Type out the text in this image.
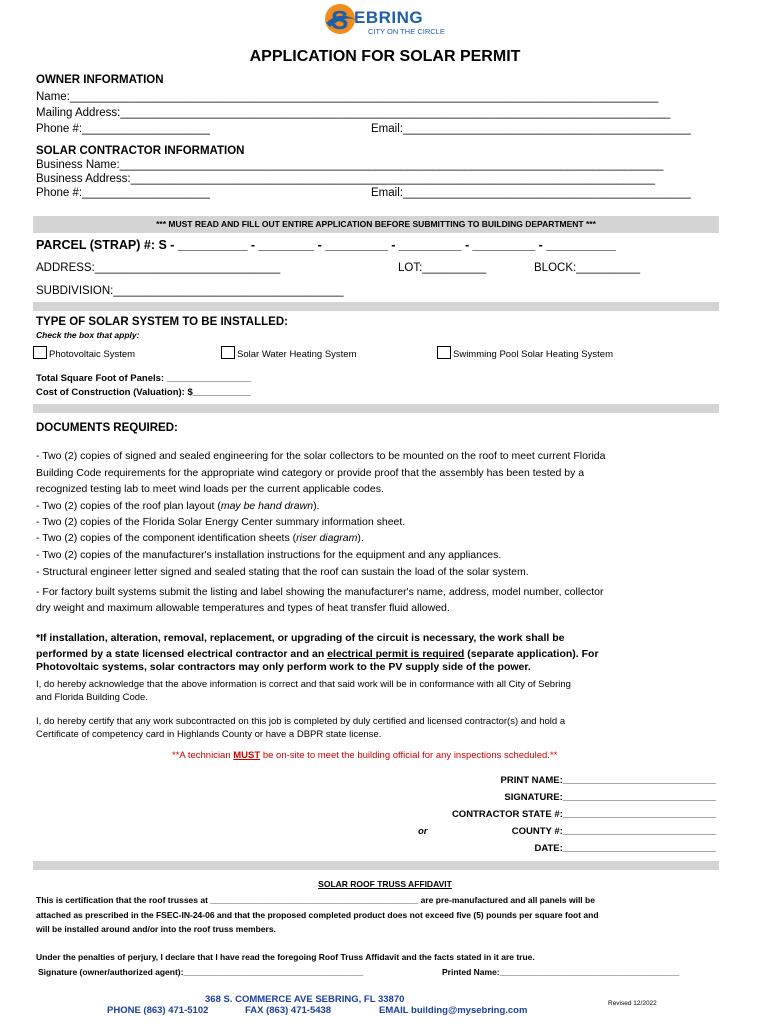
S EBRING
CITY ON THE CIRCLE
APPLICATION FOR SOLAR PERMIT
OWNER INFORMATION
Name:____________________________________________________________________________________________
Mailing Address:______________________________________________________________________________________
Phone #:____________________	Email:_____________________________________________
SOLAR CONTRACTOR INFORMATION
Business Name:_____________________________________________________________________________________
Business Address:__________________________________________________________________________________
Phone #:____________________	Email:_____________________________________________
*** MUST READ AND FILL OUT ENTIRE APPLICATION BEFORE SUBMITTING TO BUILDING DEPARTMENT ***
PARCEL (STRAP) #: S - __________ - ________ - _________ - _________ - _________ - __________
ADDRESS:_____________________________	LOT:__________	BLOCK:__________
SUBDIVISION:____________________________________
TYPE OF SOLAR SYSTEM TO BE INSTALLED:
Check the box that apply:
Photovoltaic System	Solar Water Heating System	Swimming Pool Solar Heating System
Total Square Foot of Panels: ________________
Cost of Construction (Valuation): $___________
DOCUMENTS REQUIRED:
- Two (2) copies of signed and sealed engineering for the solar collectors to be mounted on the roof to meet current Florida
Building Code requirements for the appropriate wind category or provide proof that the assembly has been tested by a
recognized testing lab to meet wind loads per the current applicable codes.
- Two (2) copies of the roof plan layout (may be hand drawn).
- Two (2) copies of the Florida Solar Energy Center summary information sheet.
- Two (2) copies of the component identification sheets (riser diagram).
- Two (2) copies of the manufacturer's installation instructions for the equipment and any appliances.
- Structural engineer letter signed and sealed stating that the roof can sustain the load of the solar system.
- For factory built systems submit the listing and label showing the manufacturer's name, address, model number, collector
dry weight and maximum allowable temperatures and types of heat transfer fluid allowed.
*If installation, alteration, removal, replacement, or upgrading of the circuit is necessary, the work shall be
performed by a state licensed electrical contractor and an electrical permit is required (separate application). For
Photovoltaic systems, solar contractors may only perform work to the PV supply side of the power.
I, do hereby acknowledge that the above information is correct and that said work will be in conformance with all City of Sebring
and Florida Building Code.
I, do hereby certify that any work subcontracted on this job is completed by duly certified and licensed contractor(s) and hold a
Certificate of competency card in Highlands County or have a DBPR state license.
**A technician MUST be on-site to meet the building official for any inspections scheduled.**
PRINT NAME:_____________________________
SIGNATURE:_____________________________
CONTRACTOR STATE #:_____________________________
or	COUNTY #:_____________________________
DATE:_____________________________
SOLAR ROOF TRUSS AFFIDAVIT
This is certification that the roof trusses at ____________________________________________ are pre-manufactured and all panels will be
attached as prescribed in the FSEC-IN-24-06 and that the proposed completed product does not exceed five (5) pounds per square foot and
will be installed around and/or into the roof truss members.
Under the penalties of perjury, I declare that I have read the foregoing Roof Truss Affidavit and the facts stated in it are true.
Signature (owner/authorized agent):______________________________________	Printed Name:______________________________________
368 S. COMMERCE AVE SEBRING, FL 33870
PHONE (863) 471-5102	FAX (863) 471-5438	EMAIL building@mysebring.com
Revised 12/2022
